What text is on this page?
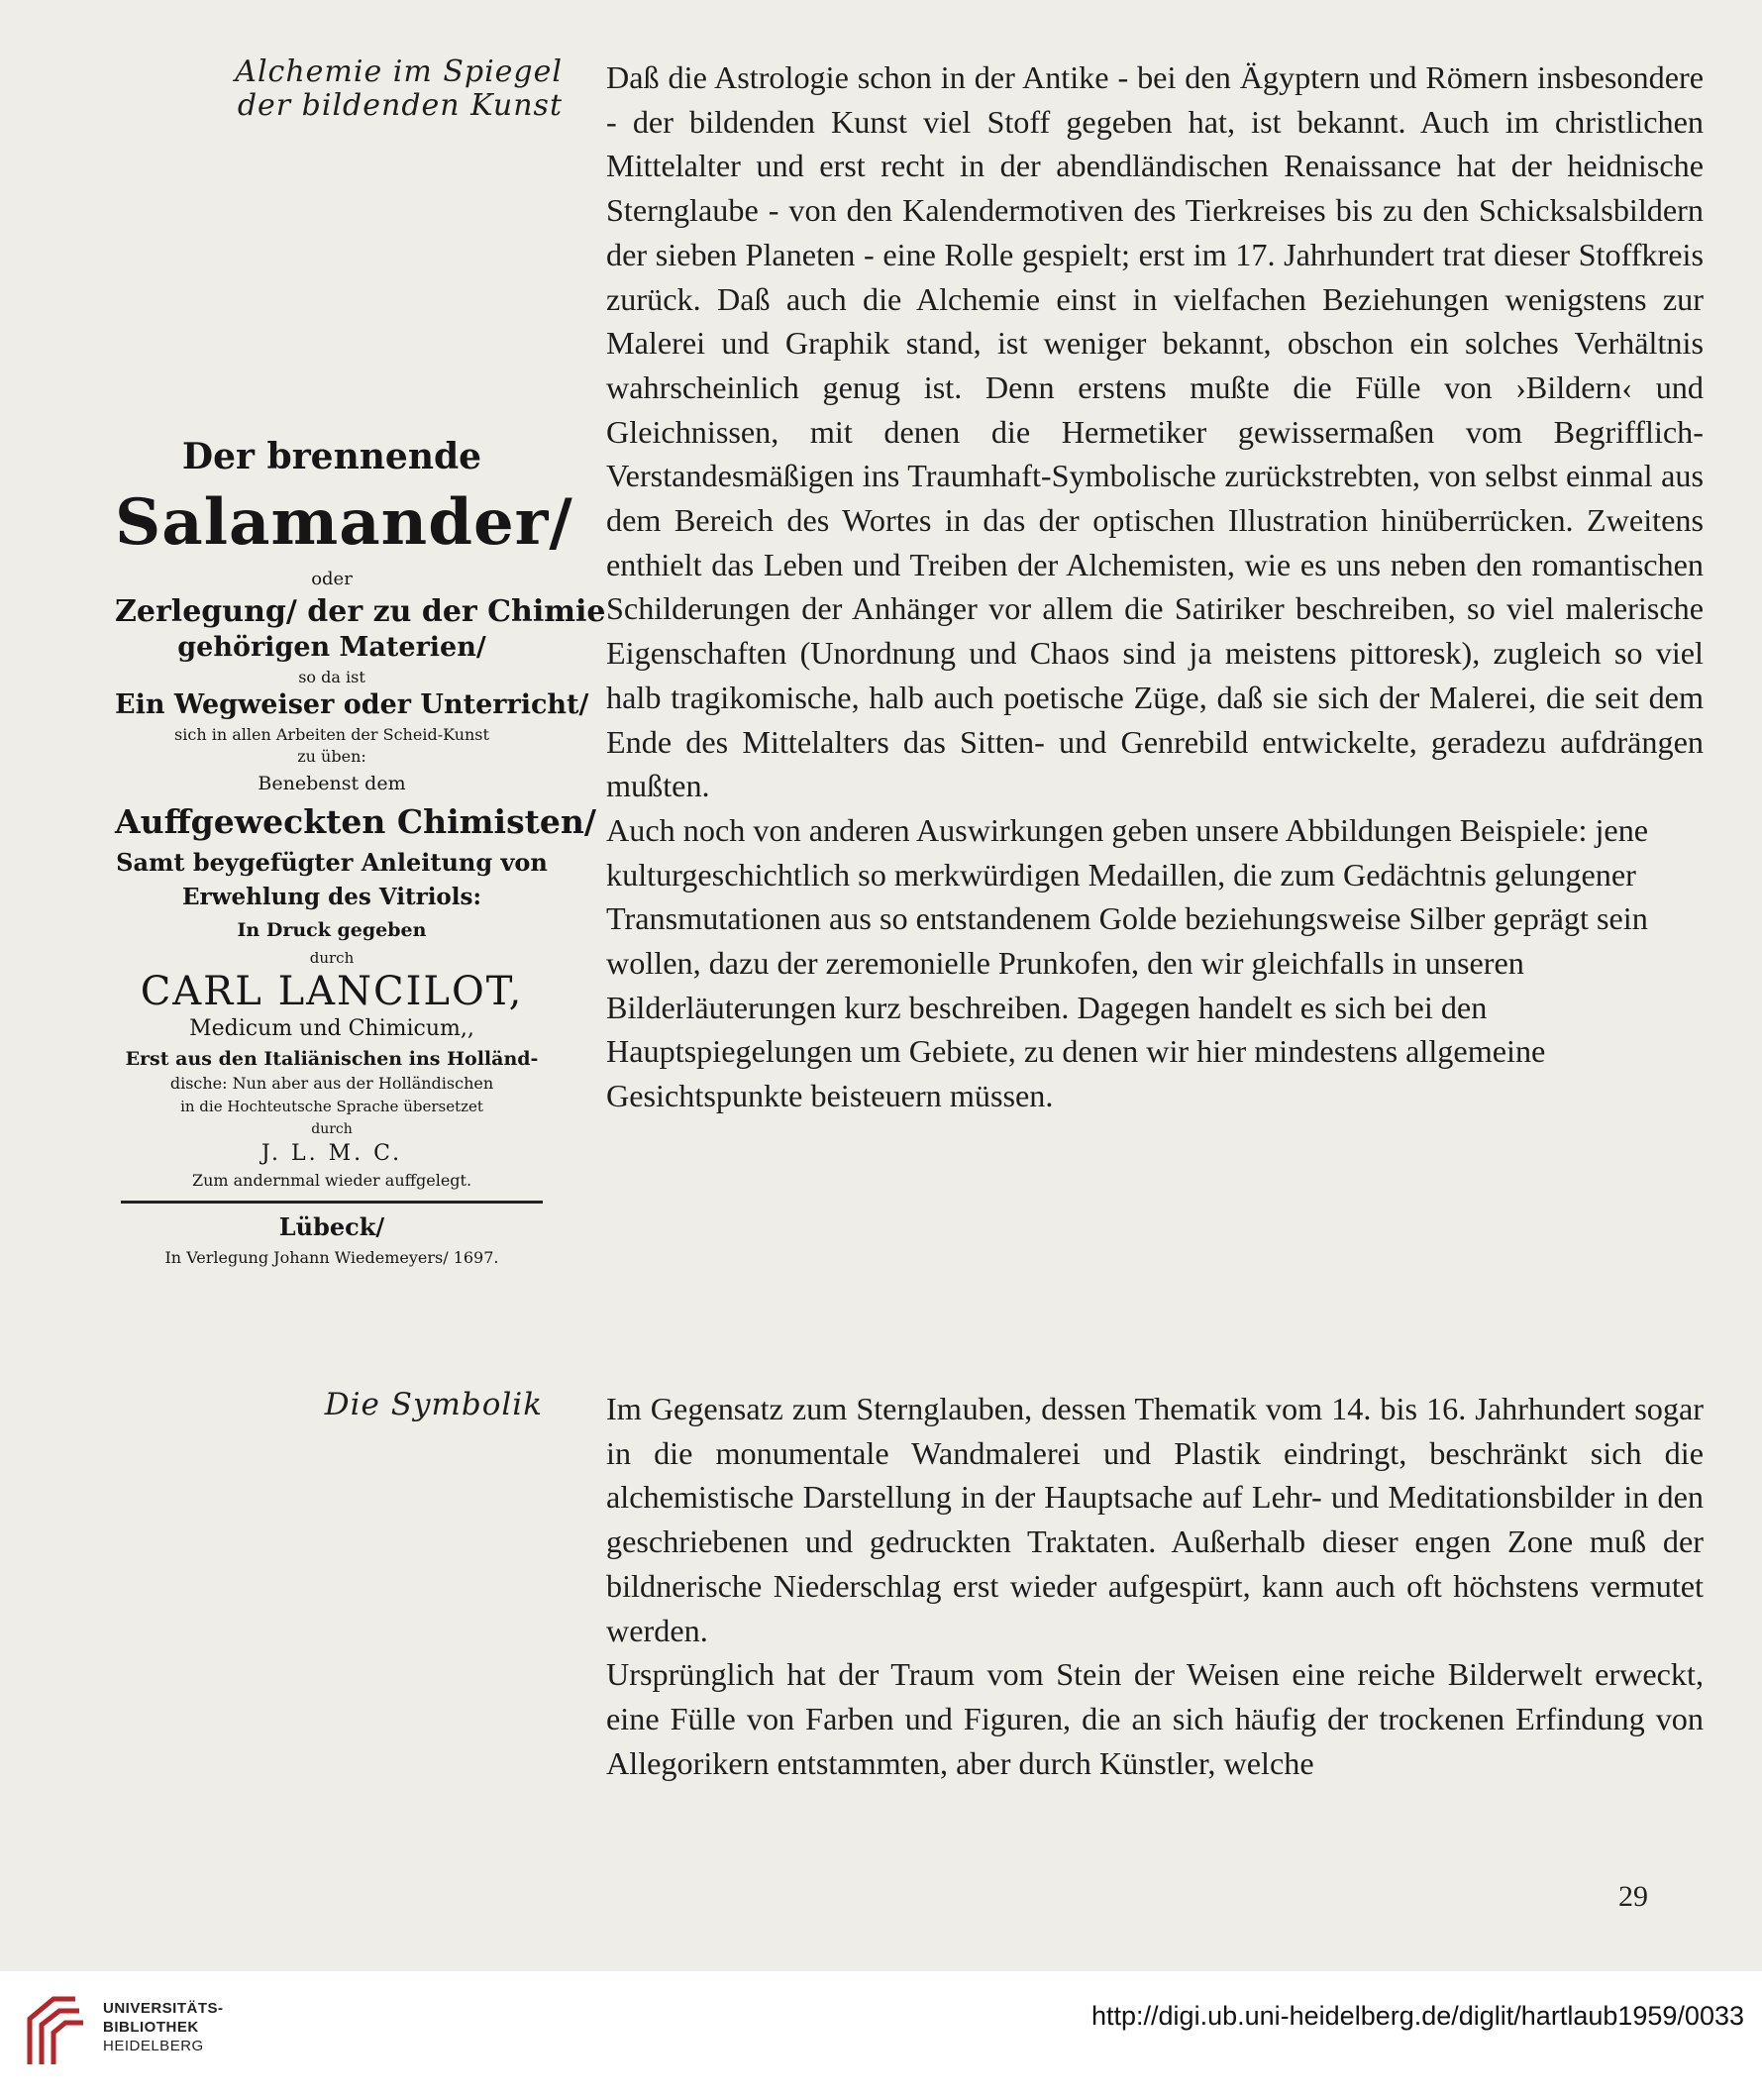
Alchemie im Spiegel
der bildenden Kunst

Daß die Astrologie schon in der Antike - bei den Ägyptern und Römern insbesondere - der bildenden Kunst viel Stoff gegeben hat, ist bekannt. Auch im christlichen Mittelalter und erst recht in der abendländischen Renaissance hat der heidnische Sternglaube - von den Kalendermotiven des Tierkreises bis zu den Schicksalsbildern der sieben Planeten - eine Rolle gespielt; erst im 17. Jahrhundert trat dieser Stoffkreis zurück. Daß auch die Alchemie einst in vielfachen Beziehungen wenigstens zur Malerei und Graphik stand, ist weniger bekannt, obschon ein solches Verhältnis wahrscheinlich genug ist. Denn erstens mußte die Fülle von ›Bildern‹ und Gleichnissen, mit denen die Hermetiker gewissermaßen vom Begrifflich-Verstandesmäßigen ins Traumhaft-Symbolische zurückstrebten, von selbst einmal aus dem Bereich des Wortes in das der optischen Illustration hinüberrücken. Zweitens enthielt das Leben und Treiben der Alchemisten, wie es uns neben den romantischen Schilderungen der Anhänger vor allem die Satiriker beschreiben, so viel malerische Eigenschaften (Unordnung und Chaos sind ja meistens pittoresk), zugleich so viel halb tragikomische, halb auch poetische Züge, daß sie sich der Malerei, die seit dem Ende des Mittelalters das Sitten- und Genrebild entwickelte, geradezu aufdrängen mußten.

Auch noch von anderen Auswirkungen geben unsere Abbildungen Beispiele: jene kulturgeschichtlich so merkwürdigen Medaillen, die zum Gedächtnis gelungener Transmutationen aus so entstandenem Golde beziehungsweise Silber geprägt sein wollen, dazu der zeremonielle Prunkofen, den wir gleichfalls in unseren Bilderläuterungen kurz beschreiben. Dagegen handelt es sich bei den Hauptspiegelungen um Gebiete, zu denen wir hier mindestens allgemeine Gesichtspunkte beisteuern müssen.

Der brennende
Salamander/
oder
Zerlegung/ der zu der Chimie
gehörigen Materien/
so da ist
Ein Wegweiser oder Unterricht/
sich in allen Arbeiten der Scheid-Kunst
zu üben:
Benebenst dem
Auffgeweckten Chimisten/
Samt beygefügter Anleitung von
Erwehlung des Vitriols:
In Druck gegeben
durch
CARL LANCILOT,
Medicum und Chimicum,,
Erst aus den Italiänischen ins Holländ-
dische: Nun aber aus der Holländischen
in die Hochteutsche Sprache übersetzet
durch
J. L. M. C.
Zum andernmal wieder auffgelegt.
Lübeck/
In Verlegung Johann Wiedemeyers/ 1697.
Die Symbolik Im Gegensatz zum Sternglauben, dessen Thematik vom 14. bis 16. Jahrhundert sogar in die monumentale Wandmalerei und Plastik eindringt, beschränkt sich die alchemistische Darstellung in der Hauptsache auf Lehr- und Meditationsbilder in den geschriebenen und gedruckten Traktaten. Außerhalb dieser engen Zone muß der bildnerische Niederschlag erst wieder aufgespürt, kann auch oft höchstens vermutet werden.

Ursprünglich hat der Traum vom Stein der Weisen eine reiche Bilderwelt erweckt, eine Fülle von Farben und Figuren, die an sich häufig der trockenen Erfindung von Allegorikern entstammten, aber durch Künstler, welche

29
UNIVERSITÄTS-
BIBLIOTHEK
HEIDELBERG
http://digi.ub.uni-heidelberg.de/diglit/hartlaub1959/0033
